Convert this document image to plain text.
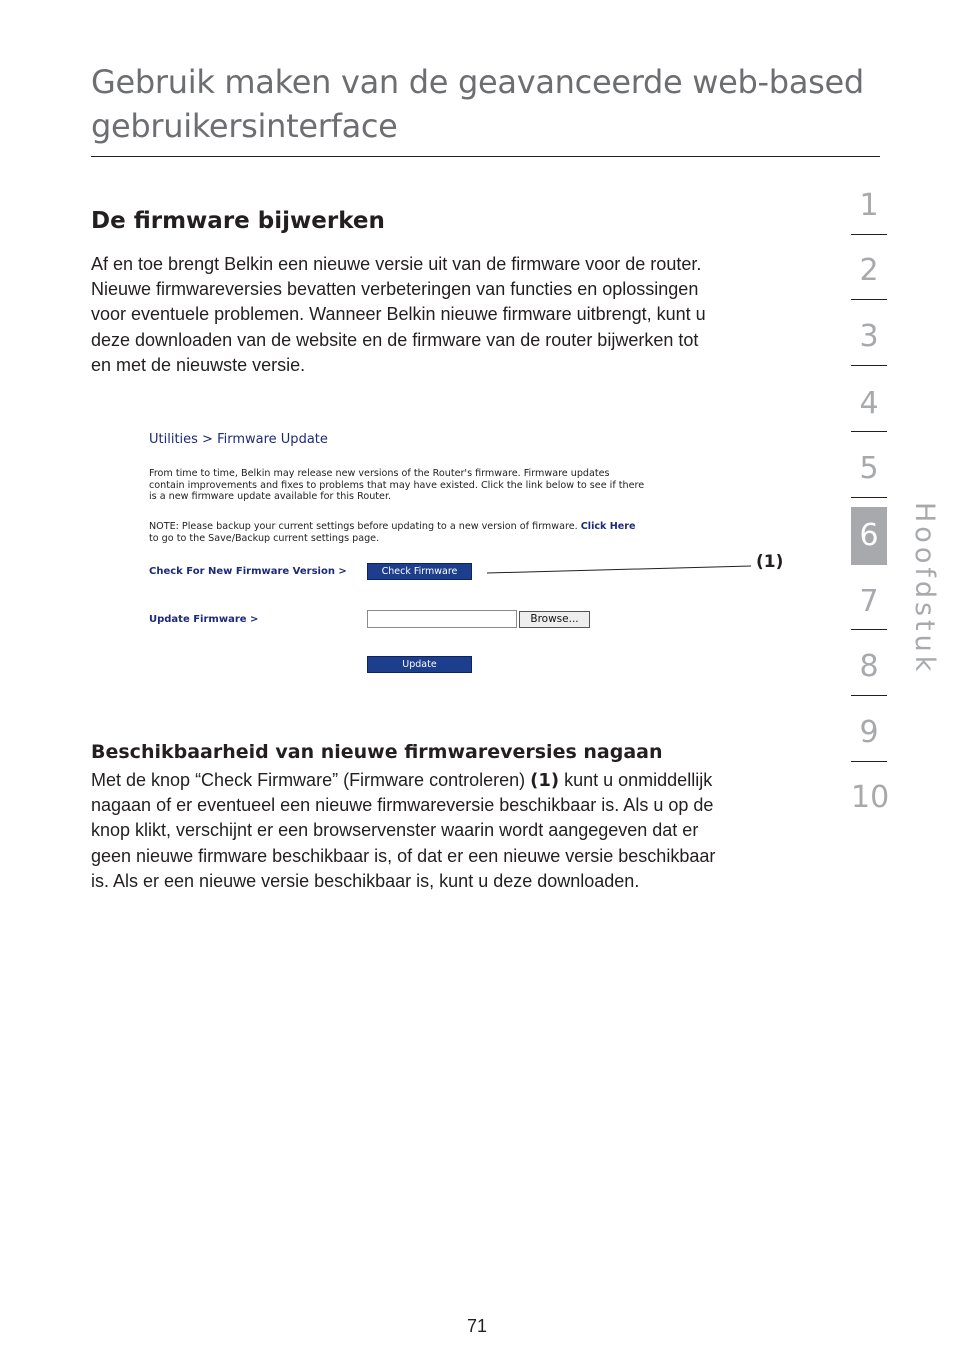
Gebruik maken van de geavanceerde web-based
gebruikersinterface
De firmware bijwerken

Af en toe brengt Belkin een nieuwe versie uit van de firmware voor de router.
Nieuwe firmwareversies bevatten verbeteringen van functies en oplossingen
voor eventuele problemen. Wanneer Belkin nieuwe firmware uitbrengt, kunt u
deze downloaden van de website en de firmware van de router bijwerken tot
en met de nieuwste versie.

Utilities > Firmware Update

From time to time, Belkin may release new versions of the Router's firmware. Firmware updates
contain improvements and fixes to problems that may have existed. Click the link below to see if there
is a new firmware update available for this Router.

NOTE: Please backup your current settings before updating to a new version of firmware. Click Here
to go to the Save/Backup current settings page.

Check For New Firmware Version >	Check Firmware
Update Firmware >	Browse...
Update
(1)
Beschikbaarheid van nieuwe firmwareversies nagaan

Met de knop “Check Firmware” (Firmware controleren) (1) kunt u onmiddellijk
nagaan of er eventueel een nieuwe firmwareversie beschikbaar is. Als u op de
knop klikt, verschijnt er een browservenster waarin wordt aangegeven dat er
geen nieuwe firmware beschikbaar is, of dat er een nieuwe versie beschikbaar
is. Als er een nieuwe versie beschikbaar is, kunt u deze downloaden.

1
2
3
4
5
6
7
8
9
10
Hoofdstuk
71
